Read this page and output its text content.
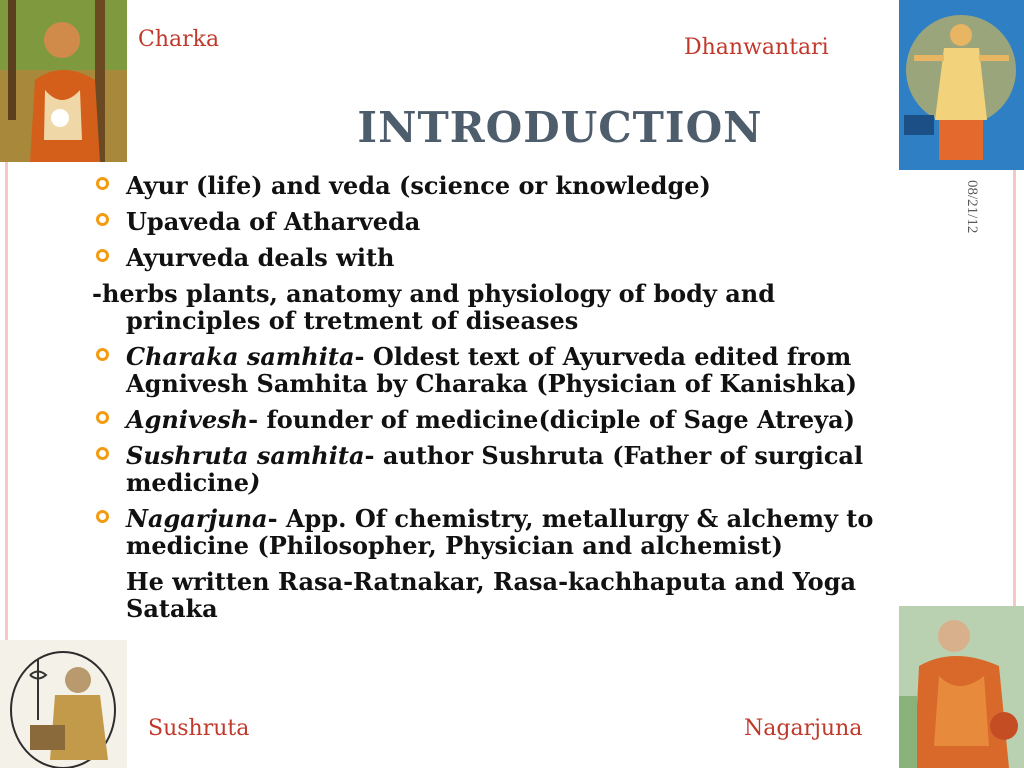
Charka	Dhanwantari
Sushruta	Nagarjuna
INTRODUCTION
08/21/12
Ayur (life) and veda (science or knowledge)
Upaveda of Atharveda
Ayurveda deals with
-herbs plants, anatomy and physiology of body and principles of tretment of diseases
Charaka samhita- Oldest text of Ayurveda edited from Agnivesh Samhita by Charaka (Physician of Kanishka)
Agnivesh- founder of medicine(diciple of Sage Atreya)
Sushruta samhita- author Sushruta (Father of surgical medicine)
Nagarjuna- App. Of chemistry, metallurgy & alchemy to medicine (Philosopher, Physician and alchemist)
He written Rasa-Ratnakar, Rasa-kachhaputa and Yoga Sataka
